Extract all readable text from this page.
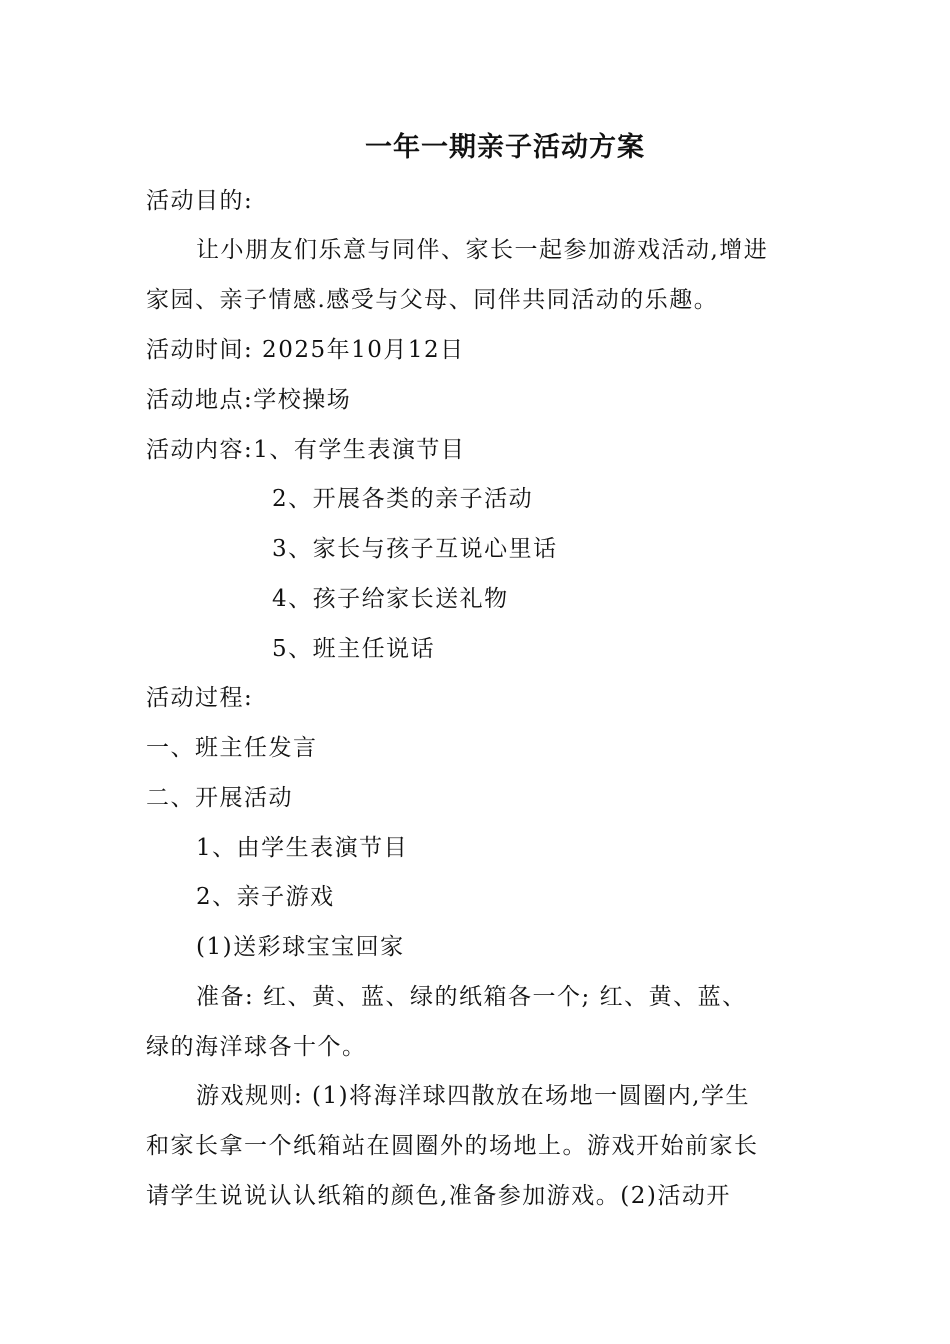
一年一期亲子活动方案
活动目的:
让小朋友们乐意与同伴、家长一起参加游戏活动,增进
家园、亲子情感.感受与父母、同伴共同活动的乐趣。
活动时间: 2025年10月12日
活动地点:学校操场
活动内容:1、有学生表演节目
2、开展各类的亲子活动
3、家长与孩子互说心里话
4、孩子给家长送礼物
5、班主任说话
活动过程:
一、班主任发言
二、开展活动
1、由学生表演节目
2、亲子游戏
(1)送彩球宝宝回家
准备: 红、黄、蓝、绿的纸箱各一个; 红、黄、蓝、
绿的海洋球各十个。
游戏规则: (1)将海洋球四散放在场地一圆圈内,学生
和家长拿一个纸箱站在圆圈外的场地上。游戏开始前家长
请学生说说认认纸箱的颜色,准备参加游戏。(2)活动开
